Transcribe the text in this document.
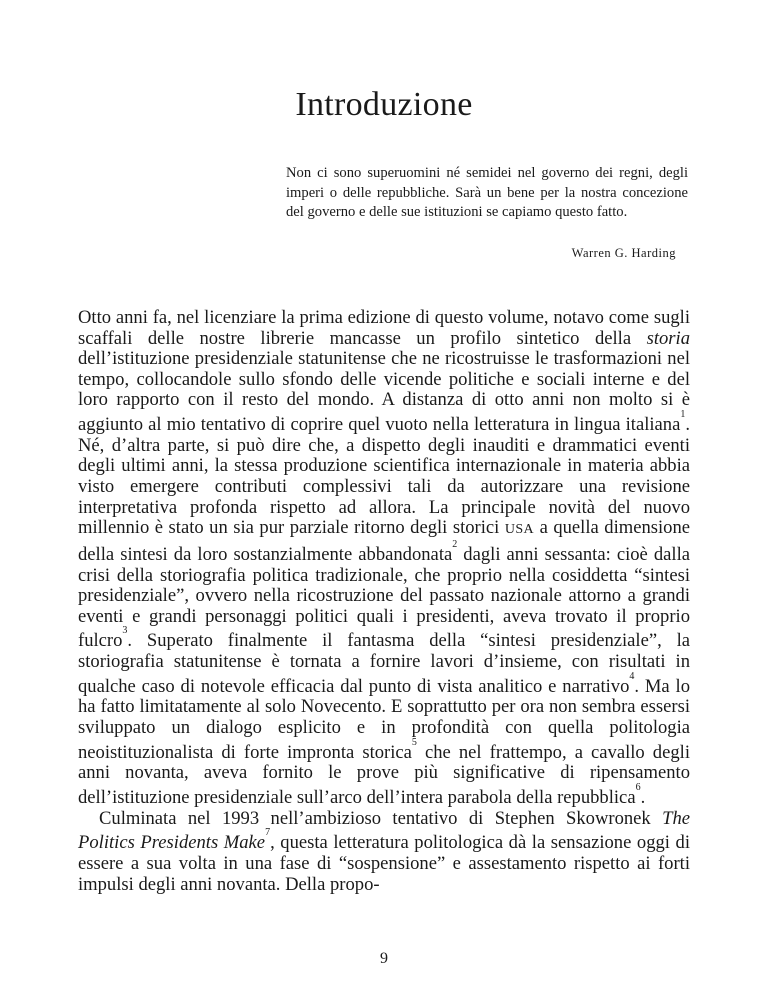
Introduzione

Non ci sono superuomini né semidei nel governo dei regni, degli imperi o delle repubbliche. Sarà un bene per la nostra concezione del governo e delle sue istituzioni se capiamo questo fatto.

Warren G. Harding

Otto anni fa, nel licenziare la prima edizione di questo volume, notavo come sugli scaffali delle nostre librerie mancasse un profilo sintetico della storia dell’istituzione presidenziale statunitense che ne ricostruisse le trasformazioni nel tempo, collocandole sullo sfondo delle vicende politiche e sociali interne e del loro rapporto con il resto del mondo. A distanza di otto anni non molto si è aggiunto al mio tentativo di coprire quel vuoto nella letteratura in lingua italiana$^1$. Né, d’altra parte, si può dire che, a dispetto degli inauditi e drammatici eventi degli ultimi anni, la stessa produzione scientifica internazionale in materia abbia visto emergere contributi complessivi tali da autorizzare una revisione interpretativa profonda rispetto ad allora. La principale novità del nuovo millennio è stato un sia pur parziale ritorno degli storici USA a quella dimensione della sintesi da loro sostanzialmente abbandonata$^2$ dagli anni sessanta: cioè dalla crisi della storiografia politica tradizionale, che proprio nella cosiddetta “sintesi presidenziale”, ovvero nella ricostruzione del passato nazionale attorno a grandi eventi e grandi personaggi politici quali i presidenti, aveva trovato il proprio fulcro$^3$. Superato finalmente il fantasma della “sintesi presidenziale”, la storiografia statunitense è tornata a fornire lavori d’insieme, con risultati in qualche caso di notevole efficacia dal punto di vista analitico e narrativo$^4$. Ma lo ha fatto limitatamente al solo Novecento. E soprattutto per ora non sembra essersi sviluppato un dialogo esplicito e in profondità con quella politologia neoistituzionalista di forte impronta storica$^5$ che nel frattempo, a cavallo degli anni novanta, aveva fornito le prove più significative di ripensamento dell’istituzione presidenziale sull’arco dell’intera parabola della repubblica$^6$.

Culminata nel 1993 nell’ambizioso tentativo di Stephen Skowronek The Politics Presidents Make$^7$, questa letteratura politologica dà la sensazione oggi di essere a sua volta in una fase di “sospensione” e assestamento rispetto ai forti impulsi degli anni novanta. Della propo-

9
